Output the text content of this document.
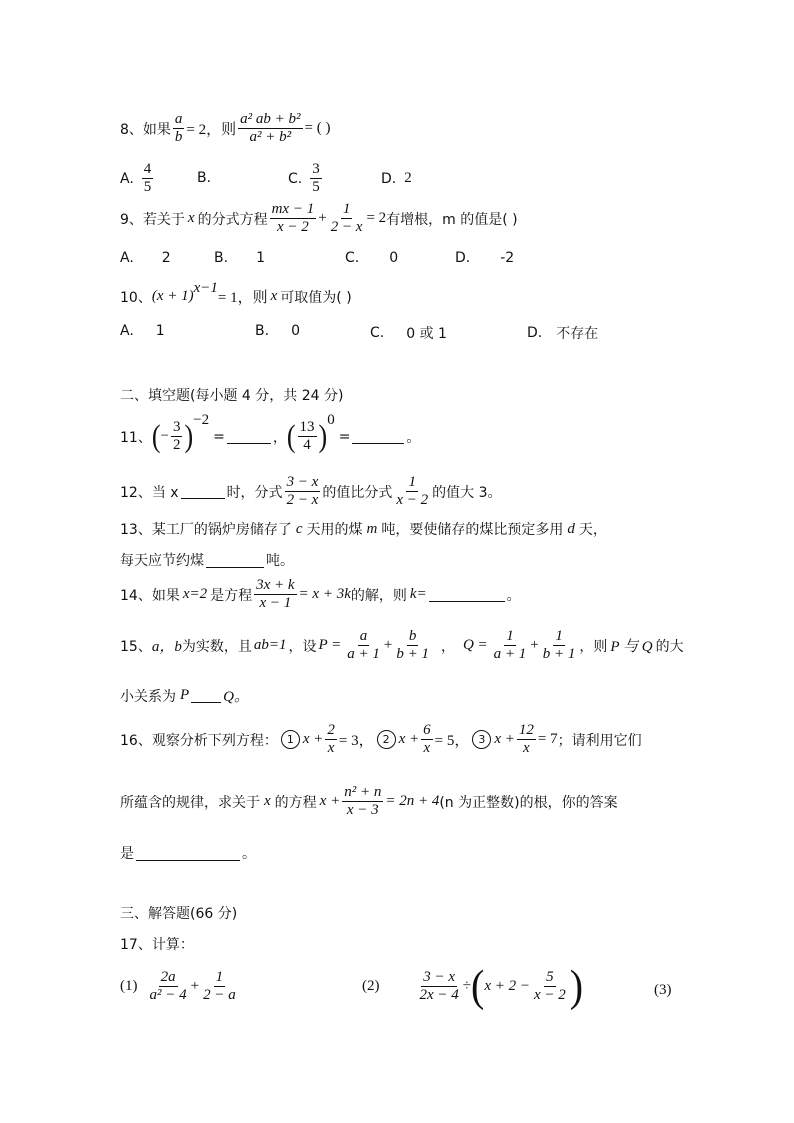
8、如果 $\frac{a}{b} = 2$，则 $\frac{\text{a² ab + b²}}{\text{a² + b²}}$ = ( )
A. $\frac{4}{5}$	B.	C. $\frac{3}{5}$	D. 2
9、若关于 x 的分式方程 $\frac{mx - 1}{x - 2} + \frac{1}{2 - x} = 2$ 有增根，m 的值是( )
A. 2	B. 1	C. 0	D. -2
10、 $(x + 1)^{x-1}$
= 1，则 x 可取值为( )
A. 1	B. 0	C. 0 或 1	D. 不存在
二、填空题(每小题 4 分，共 24 分)
11、 ( − $\frac{3}{2} )^{-2}$
=	， ( $\frac{13}{4} )^0$
=	。
12、当 x	时，分式 $\frac{3 - x}{2 - x}$ 的值比分式 $\frac{1}{x - 2}$ 的值大 3。
13、某工厂的锅炉房储存了 c 天用的煤 m 吨，要使储存的煤比预定多用 d 天，
每天应节约煤	吨。
14、如果 x=2 是方程 $\frac{3x + k}{x - 1} = x + 3k$ 的解，则 k=	。
15、 a，b 为实数，且 ab=1 ，设 $P = \frac{a}{a + 1} + \frac{b}{b + 1}$ ， $Q = \frac{1}{a + 1} + \frac{1}{b + 1}$ ，则 P 与 Q 的大
小关系为 P Q。
16、观察分析下列方程： 1 $x + \frac{2}{x} = 3$， 2 $x + \frac{6}{x} = 5$， 3 $x + \frac{12}{x} = 7$ ；请利用它们
所蕴含的规律，求关于 x 的方程 $x + \frac{\text{n² + n}}{x - 3} = 2n + 4$ (n 为正整数)的根，你的答案
是	。
三、解答题(66 分)
17、计算：
$(1) \frac{2a}{\text{a² − 4}} + \frac{1}{2 - a}$	(2)	$\frac{3 - x}{2x - 4}$ ÷ ( $x + 2 - \frac{5}{x - 2}$ )	(3)
